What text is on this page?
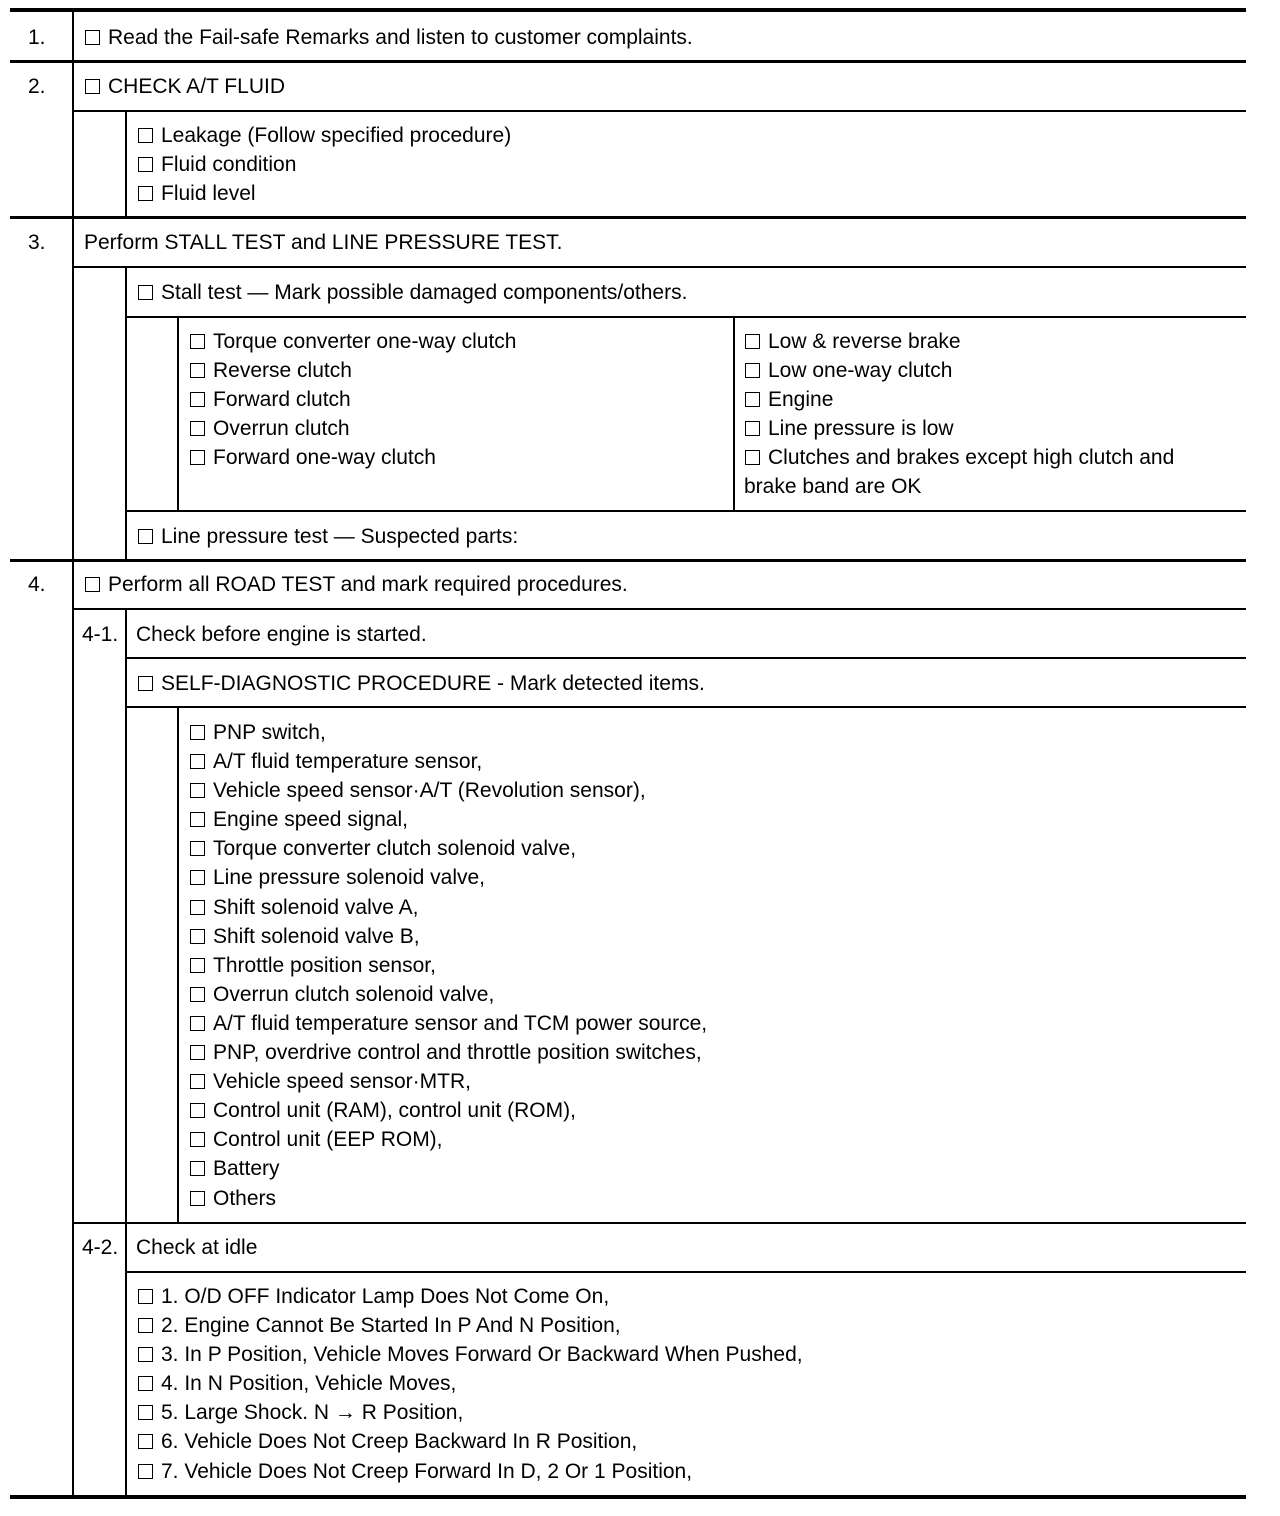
1.	Read the Fail-safe Remarks and listen to customer complaints.
2.	CHECK A/T FLUID
Leakage (Follow specified procedure)
Fluid condition
Fluid level
3. Perform STALL TEST and LINE PRESSURE TEST.
Stall test — Mark possible damaged components/others.
Torque converter one-way clutch
Reverse clutch
Forward clutch
Overrun clutch
Forward one-way clutch
Low & reverse brake
Low one-way clutch
Engine
Line pressure is low
Clutches and brakes except high clutch and
brake band are OK
Line pressure test — Suspected parts:
4.	Perform all ROAD TEST and mark required procedures.
4-1. Check before engine is started.
SELF-DIAGNOSTIC PROCEDURE - Mark detected items.
PNP switch,
A/T fluid temperature sensor,
Vehicle speed sensor·A/T (Revolution sensor),
Engine speed signal,
Torque converter clutch solenoid valve,
Line pressure solenoid valve,
Shift solenoid valve A,
Shift solenoid valve B,
Throttle position sensor,
Overrun clutch solenoid valve,
A/T fluid temperature sensor and TCM power source,
PNP, overdrive control and throttle position switches,
Vehicle speed sensor·MTR,
Control unit (RAM), control unit (ROM),
Control unit (EEP ROM),
Battery
Others
4-2. Check at idle
1. O/D OFF Indicator Lamp Does Not Come On,
2. Engine Cannot Be Started In P And N Position,
3. In P Position, Vehicle Moves Forward Or Backward When Pushed,
4. In N Position, Vehicle Moves,
5. Large Shock. N → R Position,
6. Vehicle Does Not Creep Backward In R Position,
7. Vehicle Does Not Creep Forward In D, 2 Or 1 Position,
